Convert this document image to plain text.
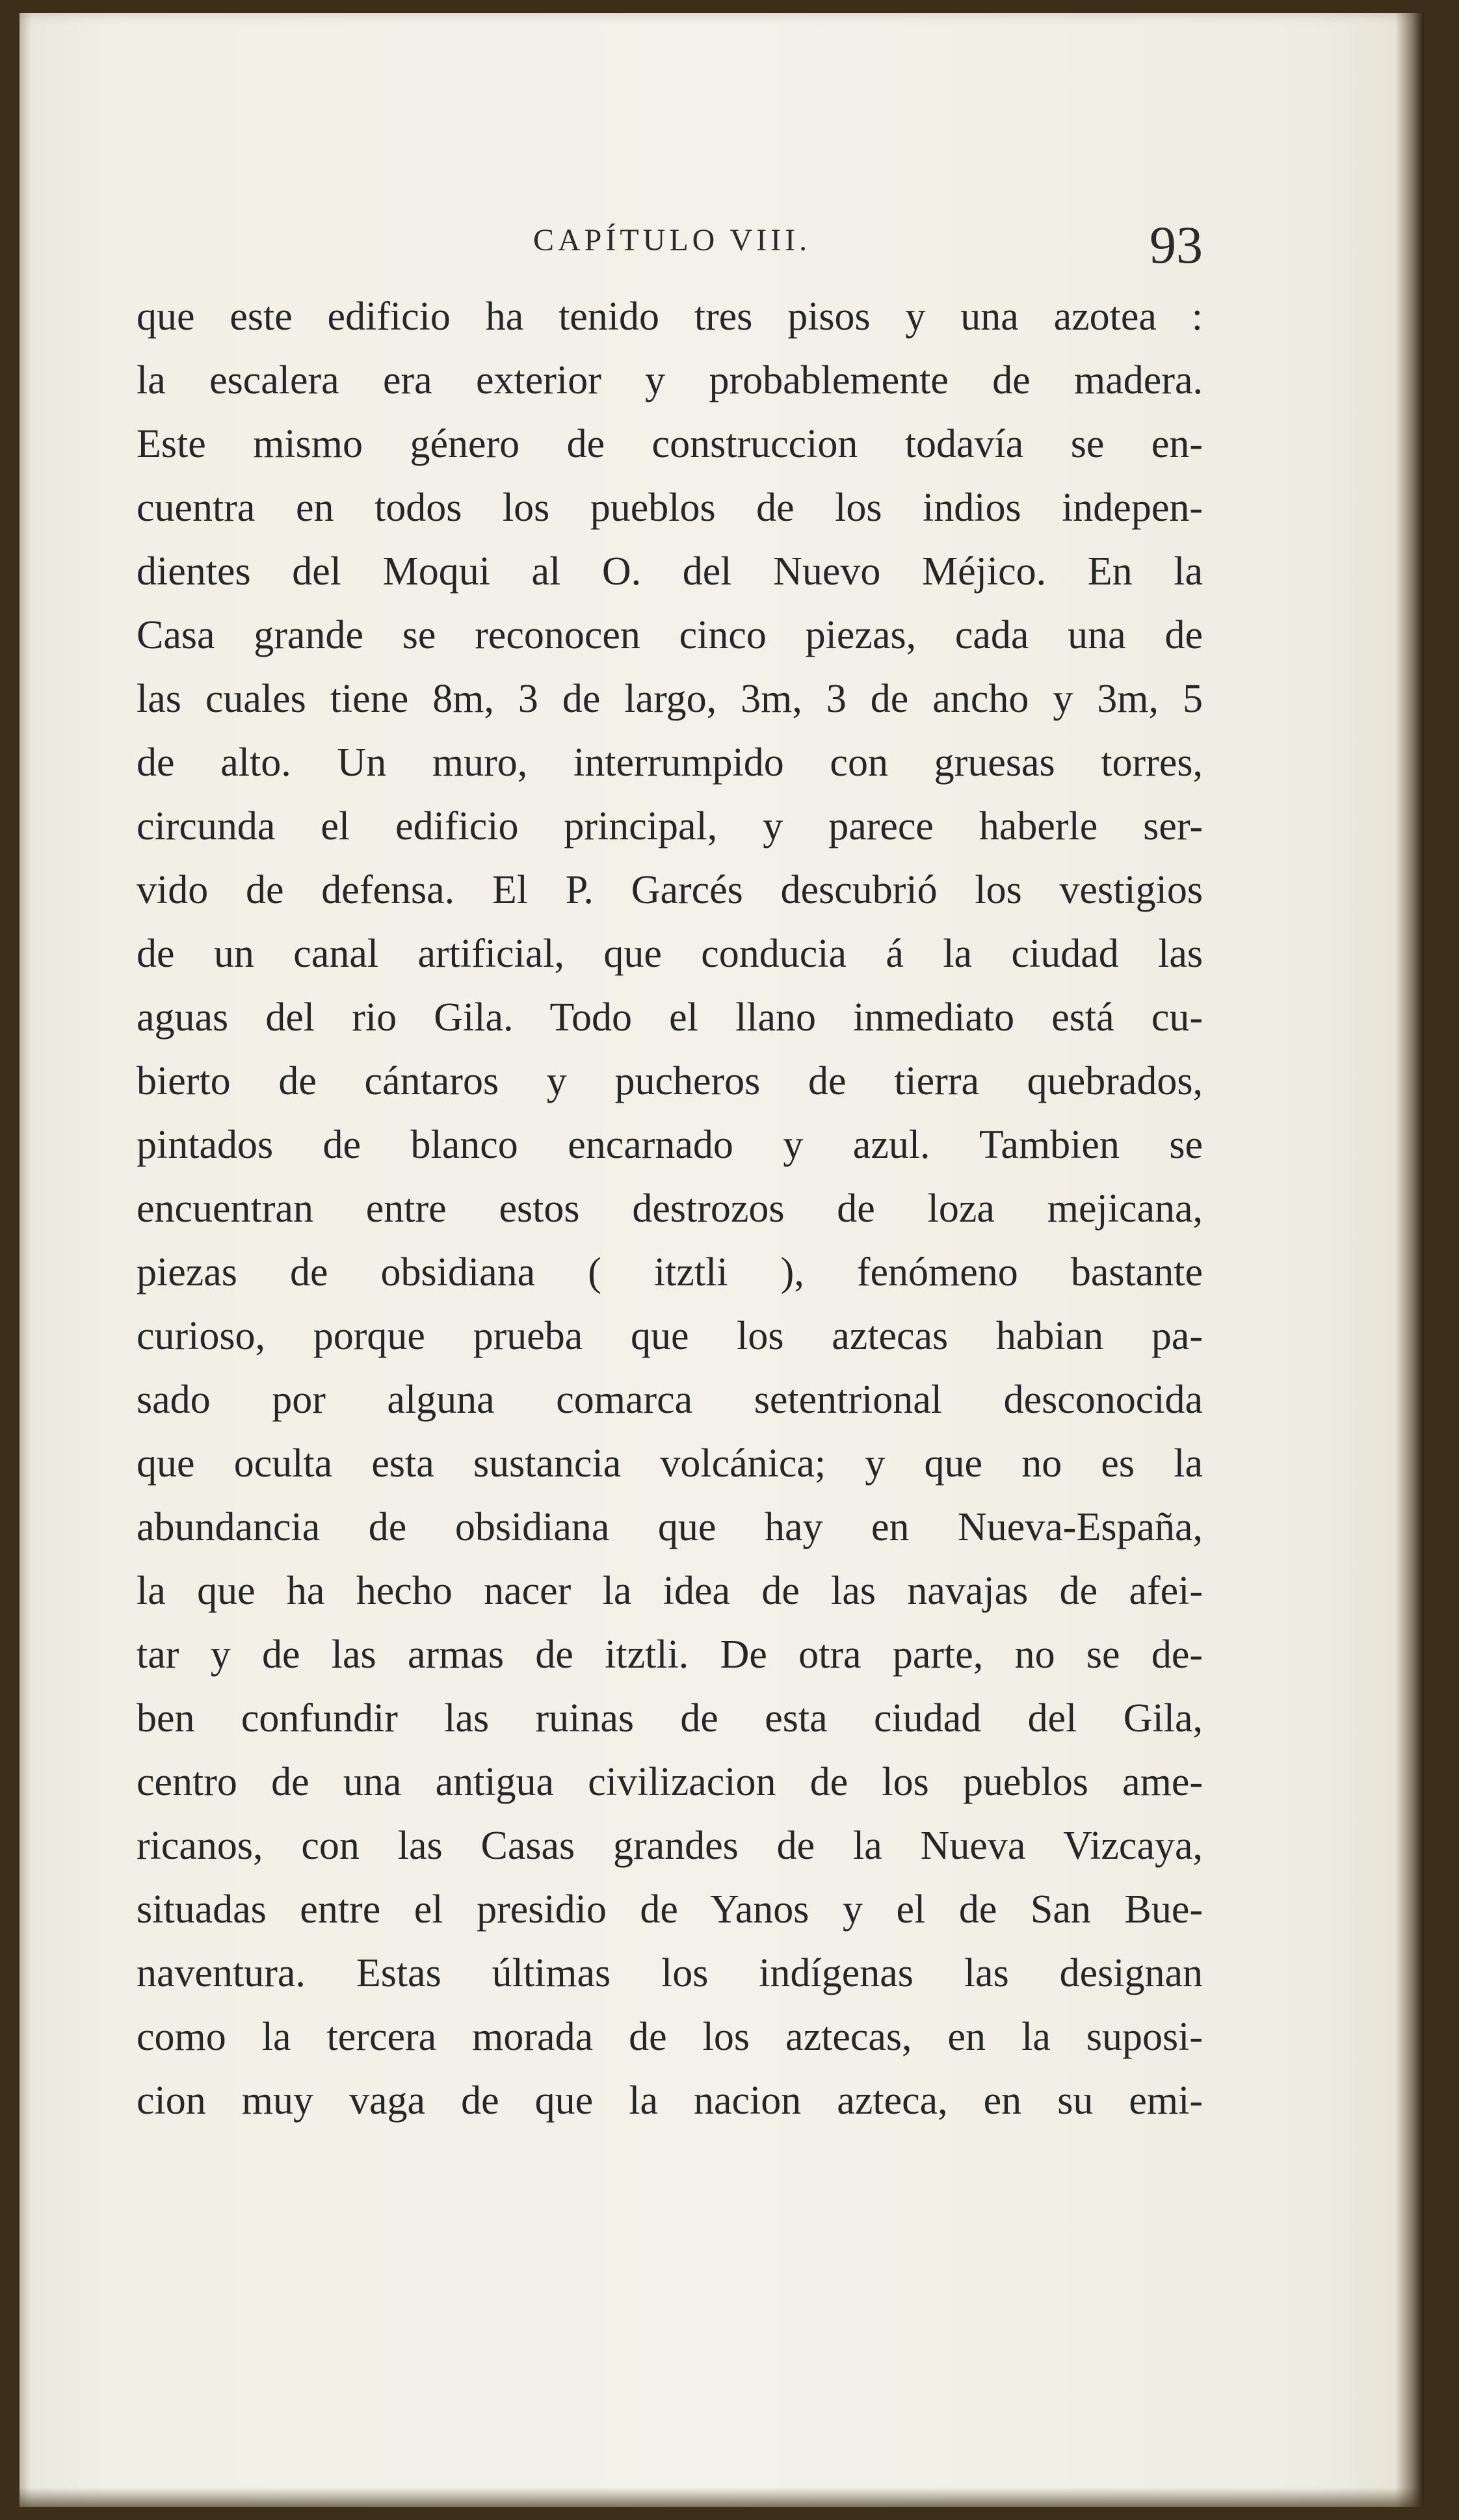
CAPÍTULO VIII.	93
que este edificio ha tenido tres pisos y una azotea :
la escalera era exterior y probablemente de madera.
Este mismo género de construccion todavía se en-
cuentra en todos los pueblos de los indios indepen-
dientes del Moqui al O. del Nuevo Méjico. En la
Casa grande se reconocen cinco piezas, cada una de
las cuales tiene 8m, 3 de largo, 3m, 3 de ancho y 3m, 5
de alto. Un muro, interrumpido con gruesas torres,
circunda el edificio principal, y parece haberle ser-
vido de defensa. El P. Garcés descubrió los vestigios
de un canal artificial, que conducia á la ciudad las
aguas del rio Gila. Todo el llano inmediato está cu-
bierto de cántaros y pucheros de tierra quebrados,
pintados de blanco encarnado y azul. Tambien se
encuentran entre estos destrozos de loza mejicana,
piezas de obsidiana ( itztli ), fenómeno bastante
curioso, porque prueba que los aztecas habian pa-
sado por alguna comarca setentrional desconocida
que oculta esta sustancia volcánica; y que no es la
abundancia de obsidiana que hay en Nueva-España,
la que ha hecho nacer la idea de las navajas de afei-
tar y de las armas de itztli. De otra parte, no se de-
ben confundir las ruinas de esta ciudad del Gila,
centro de una antigua civilizacion de los pueblos ame-
ricanos, con las Casas grandes de la Nueva Vizcaya,
situadas entre el presidio de Yanos y el de San Bue-
naventura. Estas últimas los indígenas las designan
como la tercera morada de los aztecas, en la suposi-
cion muy vaga de que la nacion azteca, en su emi-
